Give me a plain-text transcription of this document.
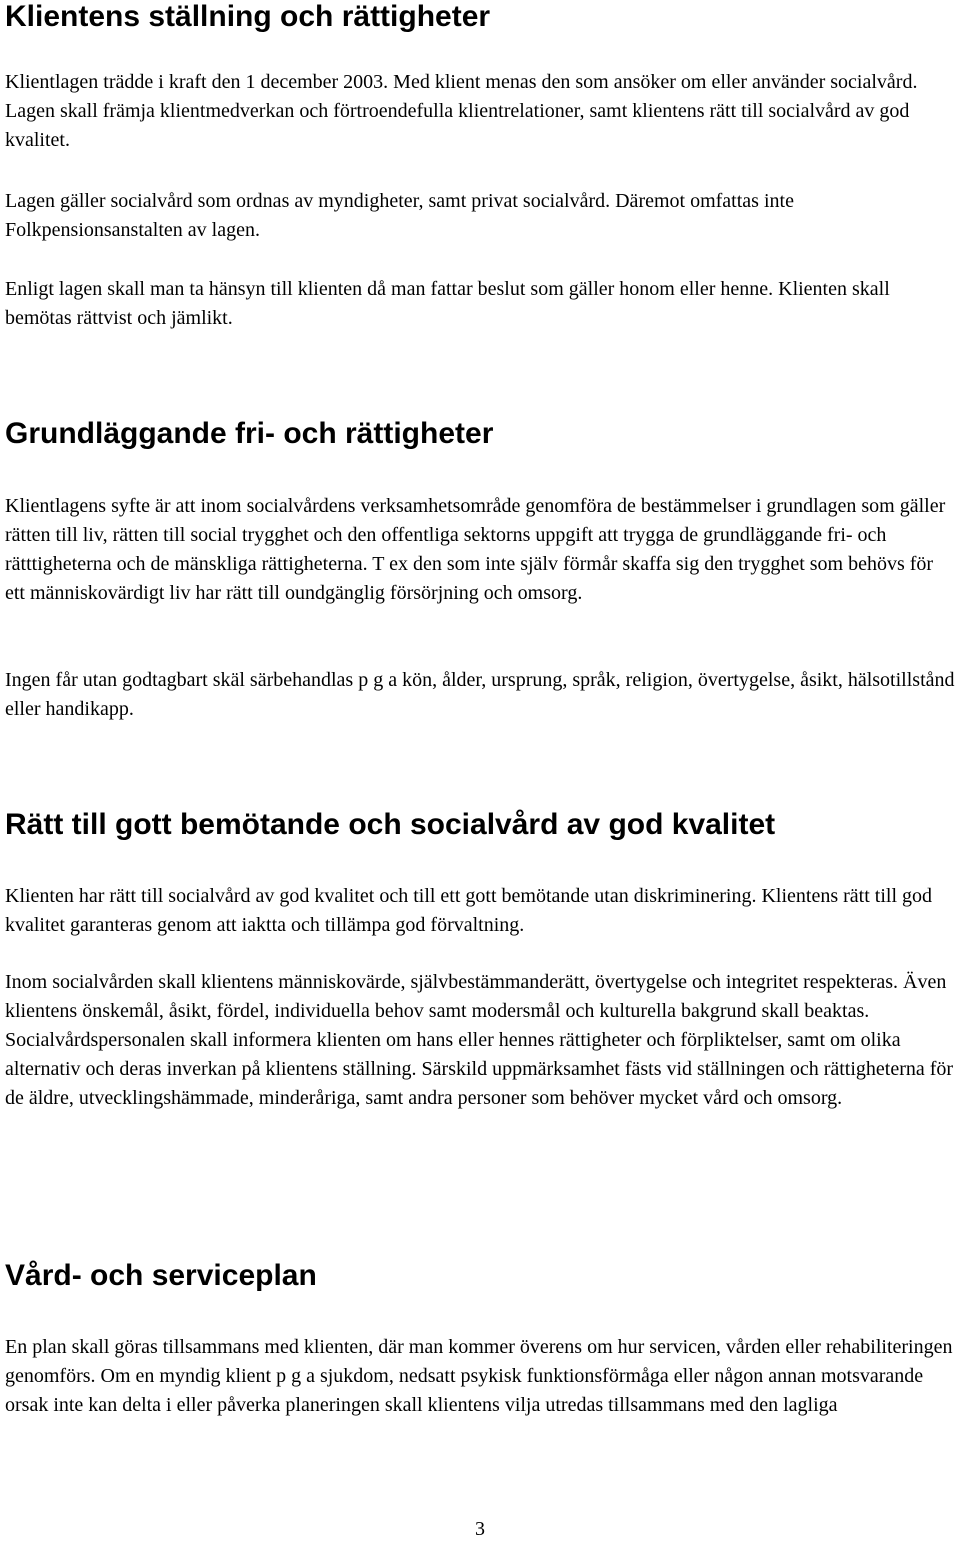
Klientens ställning och rättigheter

Klientlagen trädde i kraft den 1 december 2003. Med klient menas den som ansöker om eller använder socialvård. Lagen skall främja klientmedverkan och förtroendefulla klientrelationer, samt klientens rätt till socialvård av god kvalitet.

Lagen gäller socialvård som ordnas av myndigheter, samt privat socialvård. Däremot omfattas inte Folkpensionsanstalten av lagen.

Enligt lagen skall man ta hänsyn till klienten då man fattar beslut som gäller honom eller henne. Klienten skall bemötas rättvist och jämlikt.

Grundläggande fri- och rättigheter

Klientlagens syfte är att inom socialvårdens verksamhetsområde genomföra de bestämmelser i grundlagen som gäller rätten till liv, rätten till social trygghet och den offentliga sektorns uppgift att trygga de grundläggande fri- och rätttigheterna och de mänskliga rättigheterna. T ex den som inte själv förmår skaffa sig den trygghet som behövs för ett människovärdigt liv har rätt till oundgänglig försörjning och omsorg.

Ingen får utan godtagbart skäl särbehandlas p g a kön, ålder, ursprung, språk, religion, övertygelse, åsikt, hälsotillstånd eller handikapp.

Rätt till gott bemötande och socialvård av god kvalitet

Klienten har rätt till socialvård av god kvalitet och till ett gott bemötande utan diskriminering. Klientens rätt till god kvalitet garanteras genom att iaktta och tillämpa god förvaltning.

Inom socialvården skall klientens människovärde, självbestämmanderätt, övertygelse och integritet respekteras. Även klientens önskemål, åsikt, fördel, individuella behov samt modersmål och kulturella bakgrund skall beaktas. Socialvårdspersonalen skall informera klienten om hans eller hennes rättigheter och förpliktelser, samt om olika alternativ och deras inverkan på klientens ställning. Särskild uppmärksamhet fästs vid ställningen och rättigheterna för de äldre, utvecklingshämmade, minderåriga, samt andra personer som behöver mycket vård och omsorg.

Vård- och serviceplan

En plan skall göras tillsammans med klienten, där man kommer överens om hur servicen, vården eller rehabiliteringen genomförs. Om en myndig klient p g a sjukdom, nedsatt psykisk funktionsförmåga eller någon annan motsvarande orsak inte kan delta i eller påverka planeringen skall klientens vilja utredas tillsammans med den lagliga

3
